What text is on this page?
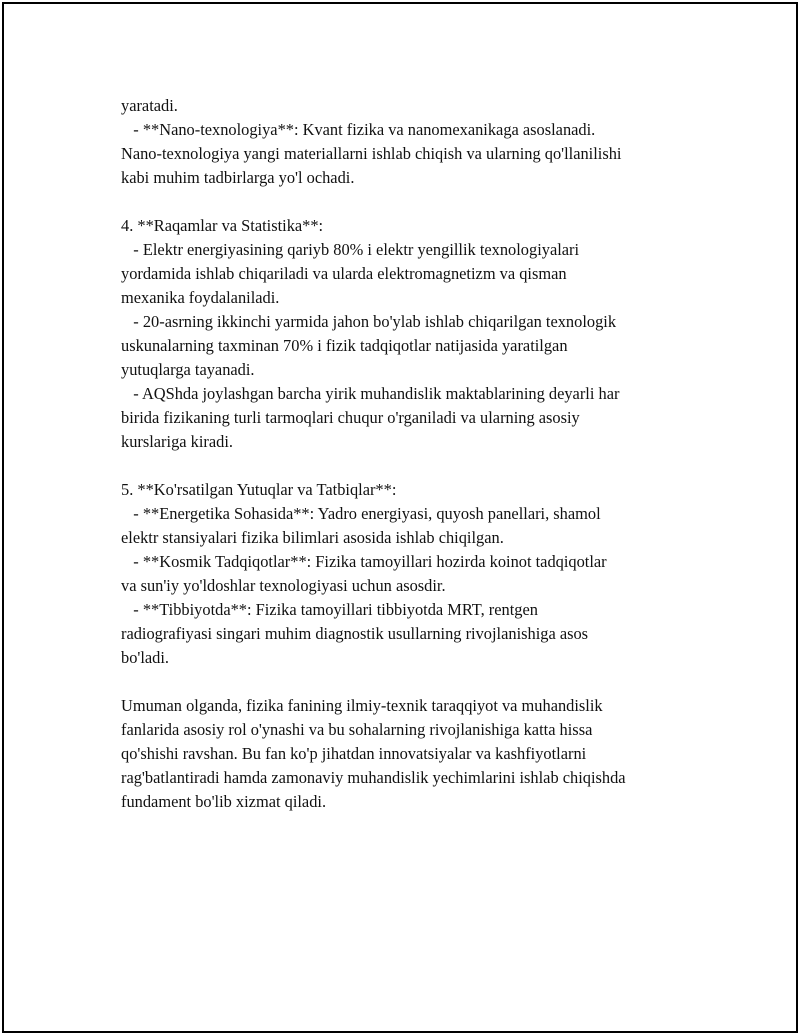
yaratadi.
- **Nano-texnologiya**: Kvant fizika va nanomexanikaga asoslanadi.
Nano-texnologiya yangi materiallarni ishlab chiqish va ularning qo'llanilishi
kabi muhim tadbirlarga yo'l ochadi.
4. **Raqamlar va Statistika**:
- Elektr energiyasining qariyb 80% i elektr yengillik texnologiyalari
yordamida ishlab chiqariladi va ularda elektromagnetizm va qisman
mexanika foydalaniladi.
- 20-asrning ikkinchi yarmida jahon bo'ylab ishlab chiqarilgan texnologik
uskunalarning taxminan 70% i fizik tadqiqotlar natijasida yaratilgan
yutuqlarga tayanadi.
- AQShda joylashgan barcha yirik muhandislik maktablarining deyarli har
birida fizikaning turli tarmoqlari chuqur o'rganiladi va ularning asosiy
kurslariga kiradi.
5. **Ko'rsatilgan Yutuqlar va Tatbiqlar**:
- **Energetika Sohasida**: Yadro energiyasi, quyosh panellari, shamol
elektr stansiyalari fizika bilimlari asosida ishlab chiqilgan.
- **Kosmik Tadqiqotlar**: Fizika tamoyillari hozirda koinot tadqiqotlar
va sun'iy yo'ldoshlar texnologiyasi uchun asosdir.
- **Tibbiyotda**: Fizika tamoyillari tibbiyotda MRT, rentgen
radiografiyasi singari muhim diagnostik usullarning rivojlanishiga asos
bo'ladi.
Umuman olganda, fizika fanining ilmiy-texnik taraqqiyot va muhandislik
fanlarida asosiy rol o'ynashi va bu sohalarning rivojlanishiga katta hissa
qo'shishi ravshan. Bu fan ko'p jihatdan innovatsiyalar va kashfiyotlarni
rag'batlantiradi hamda zamonaviy muhandislik yechimlarini ishlab chiqishda
fundament bo'lib xizmat qiladi.
